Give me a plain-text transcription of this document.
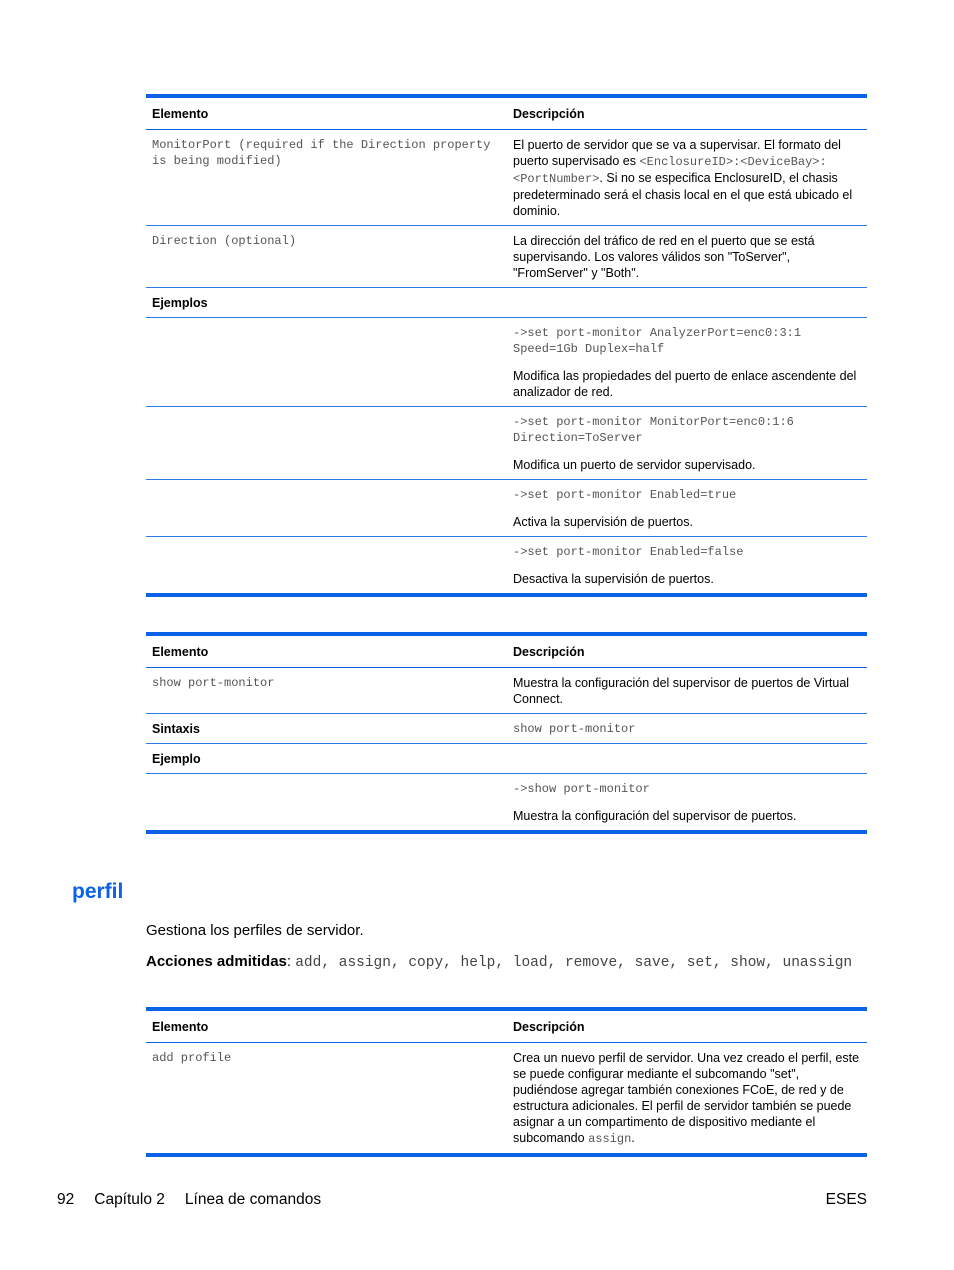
Elemento	Descripción
MonitorPort (required if the Direction property is being modified)	El puerto de servidor que se va a supervisar. El formato del puerto supervisado es <EnclosureID>:<DeviceBay>:<PortNumber>. Si no se especifica EnclosureID, el chasis predeterminado será el chasis local en el que está ubicado el dominio.
Direction (optional)	La dirección del tráfico de red en el puerto que se está supervisando. Los valores válidos son "ToServer", "FromServer" y "Both".
Ejemplos	

	->set port-monitor AnalyzerPort=enc0:3:1 Speed=1Gb Duplex=half

Modifica las propiedades del puerto de enlace ascendente del analizador de red.

	->set port-monitor MonitorPort=enc0:1:6 Direction=ToServer

Modifica un puerto de servidor supervisado.

	->set port-monitor Enabled=true

Activa la supervisión de puertos.

	->set port-monitor Enabled=false

Desactiva la supervisión de puertos.

Elemento	Descripción
show port-monitor	Muestra la configuración del supervisor de puertos de Virtual Connect.
Sintaxis	show port-monitor
Ejemplo	

	->show port-monitor

Muestra la configuración del supervisor de puertos.

perfil

Gestiona los perfiles de servidor.

Acciones admitidas: add, assign, copy, help, load, remove, save, set, show, unassign

Elemento	Descripción
add profile	Crea un nuevo perfil de servidor. Una vez creado el perfil, este se puede configurar mediante el subcomando "set", pudiéndose agregar también conexiones FCoE, de red y de estructura adicionales. El perfil de servidor también se puede asignar a un compartimento de dispositivo mediante el subcomando assign.
92 Capítulo 2 Línea de comandos	ESES
